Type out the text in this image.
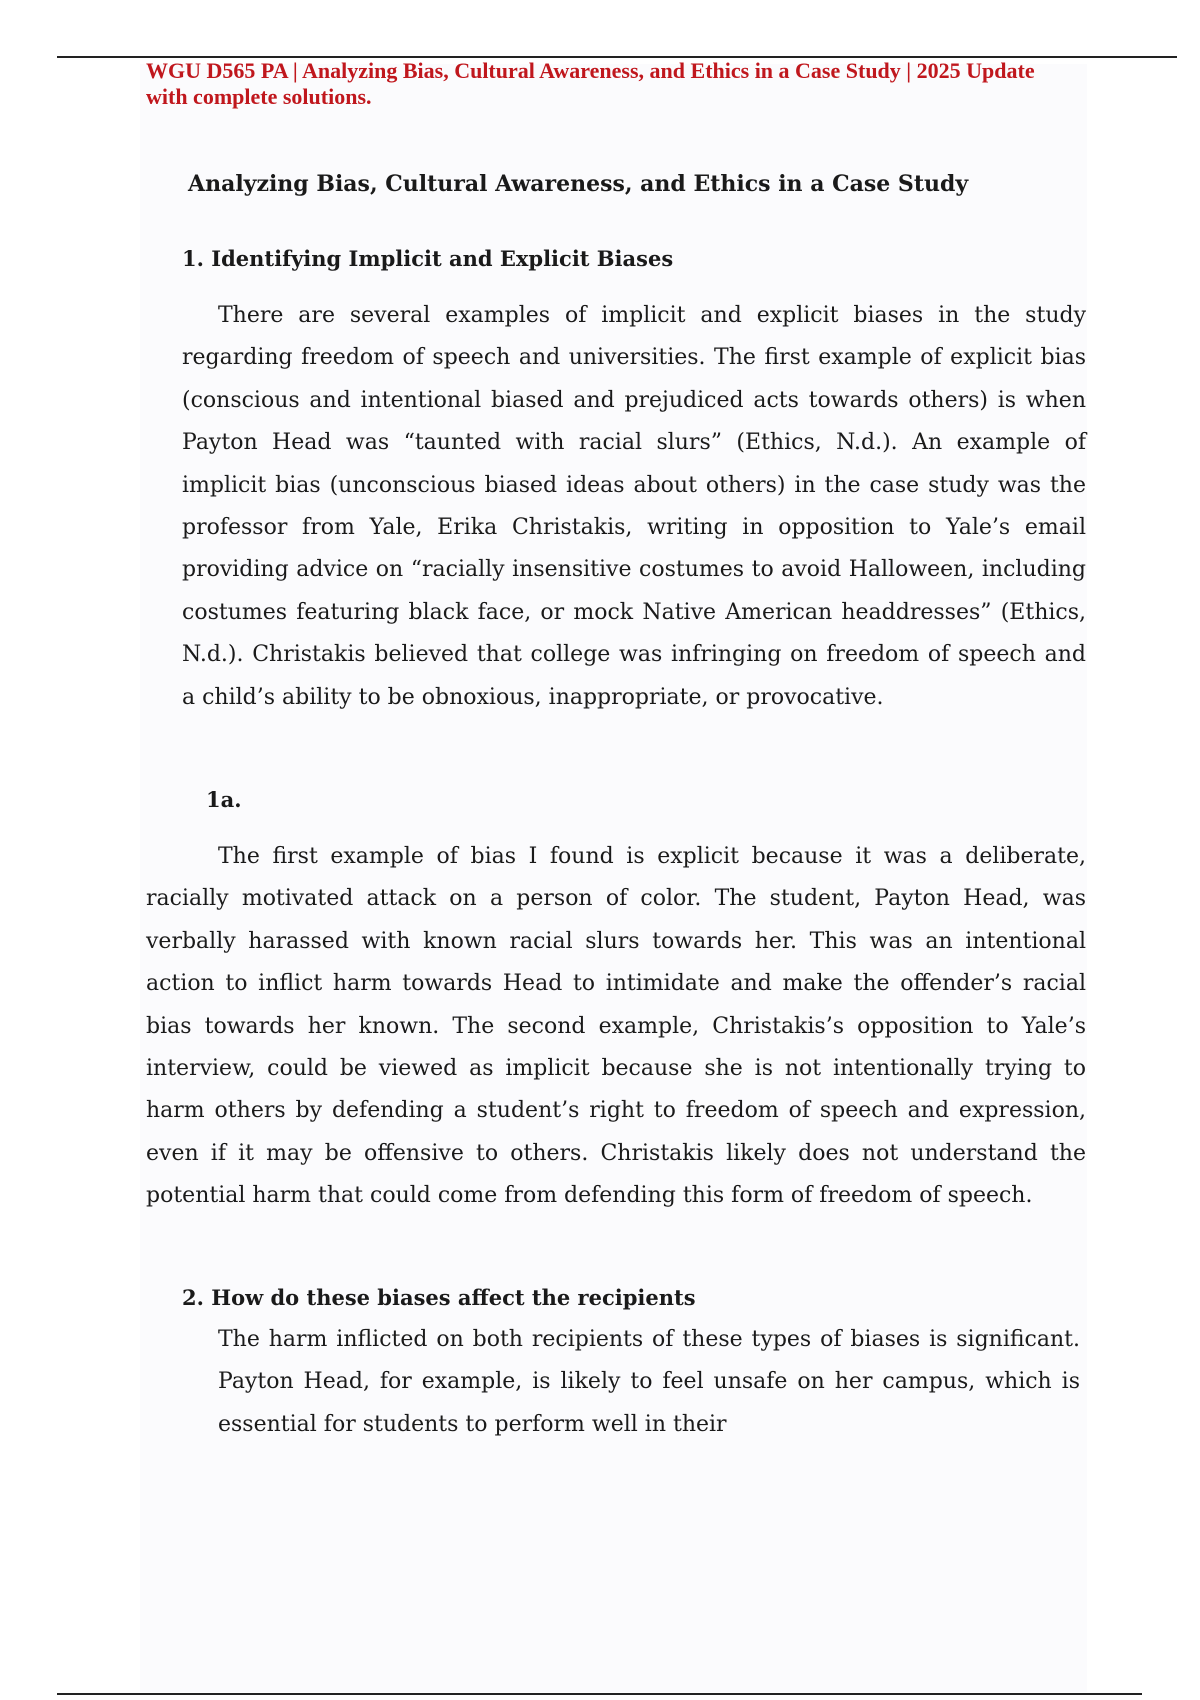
WGU D565 PA | Analyzing Bias, Cultural Awareness, and Ethics in a Case Study | 2025 Update with complete solutions.
Analyzing Bias, Cultural Awareness, and Ethics in a Case Study
1. Identifying Implicit and Explicit Biases
There are several examples of implicit and explicit biases in the study regarding freedom of speech and universities. The first example of explicit bias (conscious and intentional biased and prejudiced acts towards others) is when Payton Head was “taunted with racial slurs” (Ethics, N.d.). An example of implicit bias (unconscious biased ideas about others) in the case study was the professor from Yale, Erika Christakis, writing in opposition to Yale’s email providing advice on “racially insensitive costumes to avoid Halloween, including costumes featuring black face, or mock Native American headdresses” (Ethics, N.d.). Christakis believed that college was infringing on freedom of speech and a child’s ability to be obnoxious, inappropriate, or provocative.
1a.
The first example of bias I found is explicit because it was a deliberate, racially motivated attack on a person of color. The student, Payton Head, was verbally harassed with known racial slurs towards her. This was an intentional action to inflict harm towards Head to intimidate and make the offender’s racial bias towards her known. The second example, Christakis’s opposition to Yale’s interview, could be viewed as implicit because she is not intentionally trying to harm others by defending a student’s right to freedom of speech and expression, even if it may be offensive to others. Christakis likely does not understand the potential harm that could come from defending this form of freedom of speech.
2. How do these biases affect the recipients
The harm inflicted on both recipients of these types of biases is significant. Payton Head, for example, is likely to feel unsafe on her campus, which is essential for students to perform well in their
